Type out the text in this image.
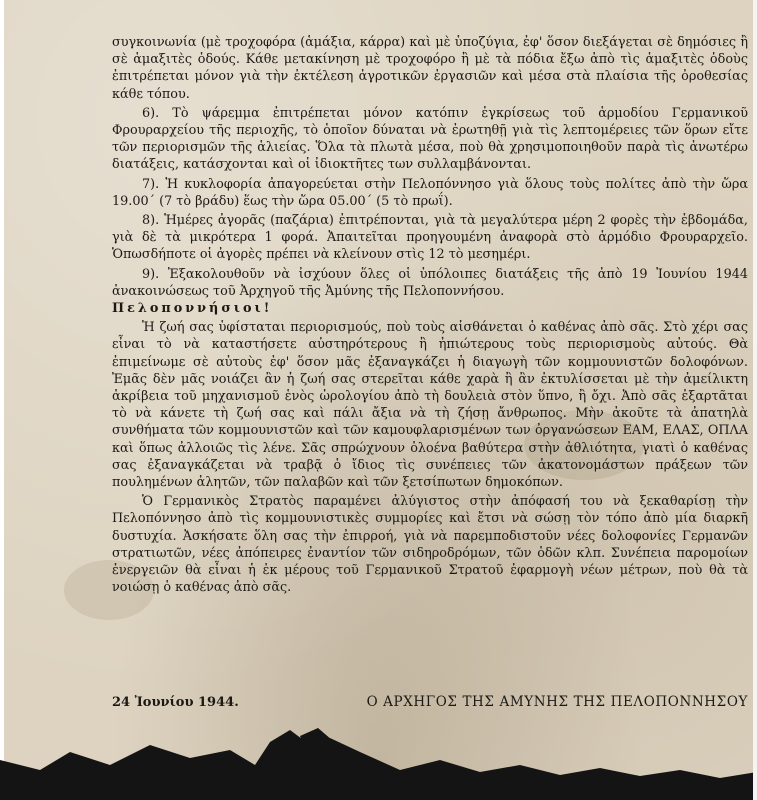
συγκοινωνία (μὲ τροχοφόρα (ἁμάξια, κάρρα) καὶ μὲ ὑποζύγια, ἐφ' ὅσον διεξάγεται σὲ δημόσιες ἢ σὲ ἁμαξιτὲς ὁδούς. Κάθε μετακίνηση μὲ τροχοφόρο ἢ μὲ τὰ πόδια ἔξω ἀπὸ τὶς ἁμαξιτὲς ὁδοὺς ἐπιτρέπεται μόνον γιὰ τὴν ἐκτέλεση ἀγροτικῶν ἐργασιῶν καὶ μέσα στὰ πλαίσια τῆς ὀροθεσίας κάθε τόπου.

6). Τὸ ψάρεμμα ἐπιτρέπεται μόνον κατόπιν ἐγκρίσεως τοῦ ἁρμοδίου Γερμανικοῦ Φρουραρχείου τῆς περιοχῆς, τὸ ὁποῖον δύναται νὰ ἐρωτηθῇ γιὰ τὶς λεπτομέρειες τῶν ὅρων εἴτε τῶν περιορισμῶν τῆς ἁλιείας. Ὅλα τὰ πλωτὰ μέσα, ποὺ θὰ χρησιμοποιηθοῦν παρὰ τὶς ἀνωτέρω διατάξεις, κατάσχονται καὶ οἱ ἰδιοκτῆτες των συλλαμβάνονται.

7). Ἡ κυκλοφορία ἀπαγορεύεται στὴν Πελοπόννησο γιὰ ὅλους τοὺς πολίτες ἀπὸ τὴν ὥρα 19.00΄ (7 τὸ βράδυ) ἕως τὴν ὥρα 05.00΄ (5 τὸ πρωΐ).

8). Ἡμέρες ἀγορᾶς (παζάρια) ἐπιτρέπονται, γιὰ τὰ μεγαλύτερα μέρη 2 φορὲς τὴν ἑβδομάδα, γιὰ δὲ τὰ μικρότερα 1 φορά. Ἀπαιτεῖται προηγουμένη ἀναφορὰ στὸ ἁρμόδιο Φρουραρχεῖο. Ὁπωσδήποτε οἱ ἀγορὲς πρέπει νὰ κλείνουν στὶς 12 τὸ μεσημέρι.

9). Ἐξακολουθοῦν νὰ ἰσχύουν ὅλες οἱ ὑπόλοιπες διατάξεις τῆς ἀπὸ 19 Ἰουνίου 1944 ἀνακοινώσεως τοῦ Ἀρχηγοῦ τῆς Ἀμύνης τῆς Πελοποννήσου.

Πελοποννήσιοι!

Ἡ ζωή σας ὑφίσταται περιορισμούς, ποὺ τοὺς αἰσθάνεται ὁ καθένας ἀπὸ σᾶς. Στὸ χέρι σας εἶναι τὸ νὰ καταστήσετε αὐστηρότερους ἢ ἠπιώτερους τοὺς περιορισμοὺς αὐτούς. Θὰ ἐπιμείνωμε σὲ αὐτοὺς ἐφ' ὅσον μᾶς ἐξαναγκάζει ἡ διαγωγὴ τῶν κομμουνιστῶν δολοφόνων. Ἐμᾶς δὲν μᾶς νοιάζει ἂν ἡ ζωή σας στερεῖται κάθε χαρὰ ἢ ἂν ἐκτυλίσσεται μὲ τὴν ἀμείλικτη ἀκρίβεια τοῦ μηχανισμοῦ ἑνὸς ὡρολογίου ἀπὸ τὴ δουλειὰ στὸν ὕπνο, ἢ ὄχι. Ἀπὸ σᾶς ἐξαρτᾶται τὸ νὰ κάνετε τὴ ζωή σας καὶ πάλι ἄξια νὰ τὴ ζήσῃ ἄνθρωπος. Μὴν ἀκοῦτε τὰ ἀπατηλὰ συνθήματα τῶν κομμουνιστῶν καὶ τῶν καμουφλαρισμένων των ὀργανώσεων ΕΑΜ, ΕΛΑΣ, ΟΠΛΑ καὶ ὅπως ἀλλοιῶς τὶς λένε. Σᾶς σπρώχνουν ὁλοένα βαθύτερα στὴν ἀθλιότητα, γιατὶ ὁ καθένας σας ἐξαναγκάζεται νὰ τραβᾷ ὁ ἴδιος τὶς συνέπειες τῶν ἀκατονομάστων πράξεων τῶν πουλημένων ἀλητῶν, τῶν παλαβῶν καὶ τῶν ξετσίπωτων δημοκόπων.

Ὁ Γερμανικὸς Στρατὸς παραμένει ἀλύγιστος στὴν ἀπόφασή του νὰ ξεκαθαρίσῃ τὴν Πελοπόννησο ἀπὸ τὶς κομμουνιστικὲς συμμορίες καὶ ἔτσι νὰ σώσῃ τὸν τόπο ἀπὸ μία διαρκῆ δυστυχία. Ἀσκήσατε ὅλη σας τὴν ἐπιρροή, γιὰ νὰ παρεμποδιστοῦν νέες δολοφονίες Γερμανῶν στρατιωτῶν, νέες ἀπόπειρες ἐναντίον τῶν σιδηροδρόμων, τῶν ὁδῶν κλπ. Συνέπεια παρομοίων ἐνεργειῶν θὰ εἶναι ἡ ἐκ μέρους τοῦ Γερμανικοῦ Στρατοῦ ἐφαρμογὴ νέων μέτρων, ποὺ θὰ τὰ νοιώσῃ ὁ καθένας ἀπὸ σᾶς.

24 Ἰουνίου 1944.	Ο ΑΡΧΗΓΟΣ ΤΗΣ ΑΜΥΝΗΣ ΤΗΣ ΠΕΛΟΠΟΝΝΗΣΟΥ
